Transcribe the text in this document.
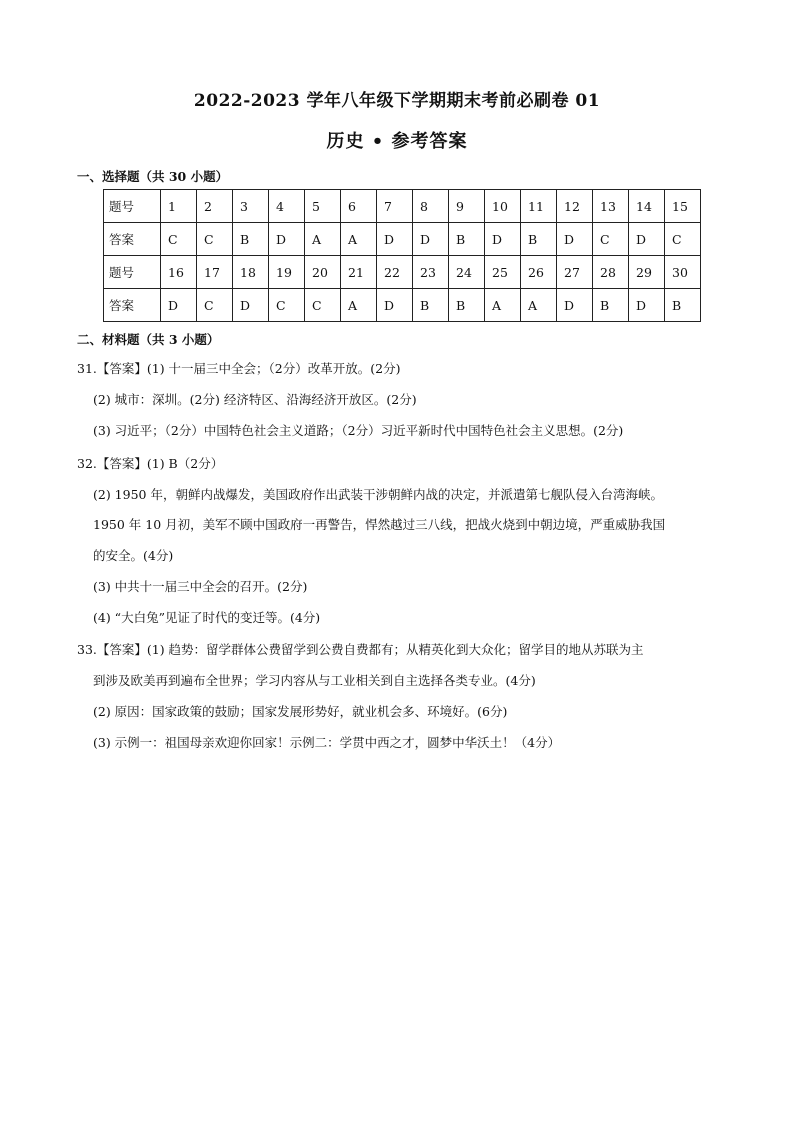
2022-2023 学年八年级下学期期末考前必刷卷 01
历史 • 参考答案
一、选择题（共 30 小题）
题号	1	2	3	4	5	6	7	8	9	10	11	12	13	14	15
答案	C	C	B	D	A	A	D	D	B	D	B	D	C	D	C
题号	16	17	18	19	20	21	22	23	24	25	26	27	28	29	30
答案	D	C	D	C	C	A	D	B	B	A	A	D	B	D	B
二、材料题（共 3 小题）
31.【答案】(1) 十一届三中全会；（2分）改革开放。(2分)
(2) 城市：深圳。(2分) 经济特区、沿海经济开放区。(2分)
(3) 习近平；（2分）中国特色社会主义道路；（2分）习近平新时代中国特色社会主义思想。(2分)
32.【答案】(1) B（2分）
(2) 1950 年，朝鲜内战爆发，美国政府作出武装干涉朝鲜内战的决定，并派遣第七舰队侵入台湾海峡。
1950 年 10 月初，美军不顾中国政府一再警告，悍然越过三八线，把战火烧到中朝边境，严重威胁我国
的安全。(4分)
(3) 中共十一届三中全会的召开。(2分)
(4) “大白兔”见证了时代的变迁等。(4分)
33.【答案】(1) 趋势：留学群体公费留学到公费自费都有；从精英化到大众化；留学目的地从苏联为主
到涉及欧美再到遍布全世界；学习内容从与工业相关到自主选择各类专业。(4分)
(2) 原因：国家政策的鼓励；国家发展形势好，就业机会多、环境好。(6分)
(3) 示例一：祖国母亲欢迎你回家！示例二：学贯中西之才，圆梦中华沃土！（4分）
